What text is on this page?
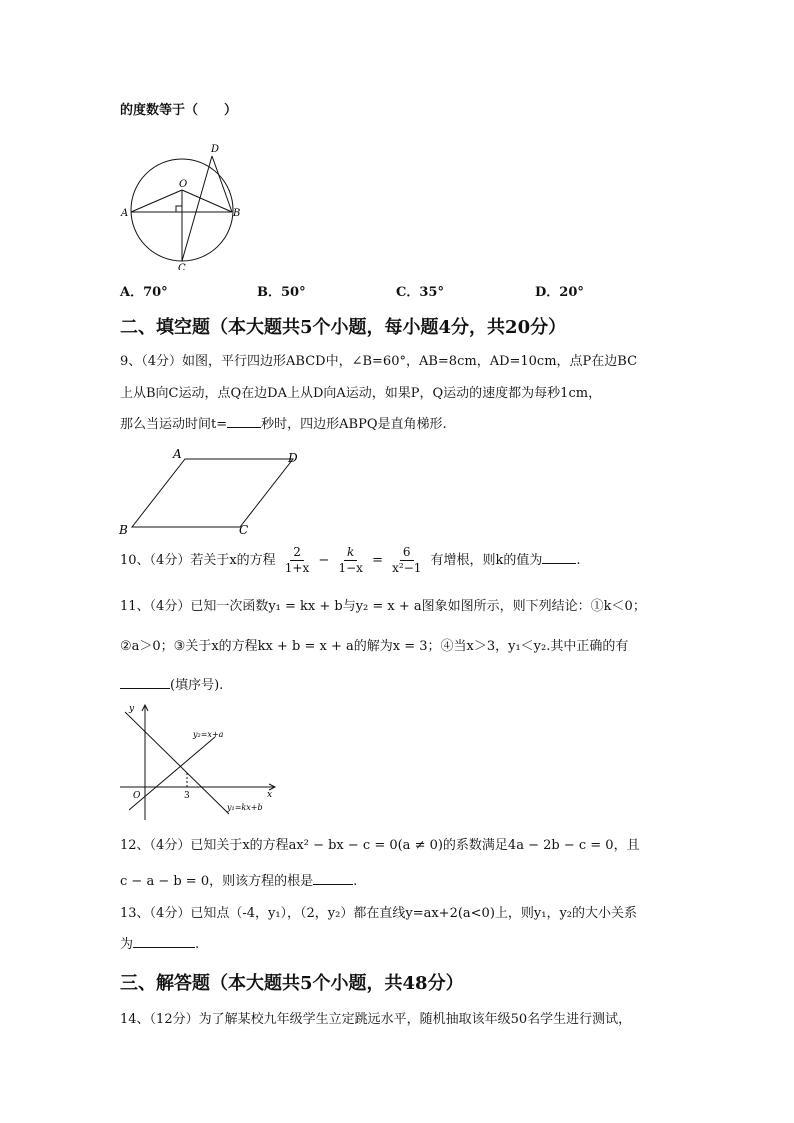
的度数等于（　　）
D
O
A	B
C
A．70°	B．50°	C．35°	D．20°
二、填空题（本大题共5个小题，每小题4分，共20分）
9、（4分）如图，平行四边形ABCD中，∠B=60°，AB=8cm，AD=10cm，点P在边BC
上从B向C运动，点Q在边DA上从D向A运动，如果P，Q运动的速度都为每秒1cm，
那么当运动时间t=	秒时，四边形ABPQ是直角梯形.
A	D
B	C
10、（4分）若关于x的方程 $\frac{2}{1+x} - \frac{k}{1-x} = \frac{6}{\text{x²−1}}$ 有增根，则k的值为	.
11、（4分）已知一次函数y₁ = kx + b与y₂ = x + a图象如图所示，则下列结论：①k＜0；
②a＞0；③关于x的方程kx + b = x + a的解为x = 3；④当x＞3，y₁＜y₂.其中正确的有
(填序号).
y
x
O	3
y₂=x+a
y₁=kx+b
12、（4分）已知关于x的方程ax² − bx − c = 0(a ≠ 0)的系数满足4a − 2b − c = 0，且
c − a − b = 0，则该方程的根是	.
13、（4分）已知点（-4，y₁），（2，y₂）都在直线y=ax+2(a<0)上，则y₁，y₂的大小关系
为	.
三、解答题（本大题共5个小题，共48分）
14、（12分）为了解某校九年级学生立定跳远水平，随机抽取该年级50名学生进行测试，
